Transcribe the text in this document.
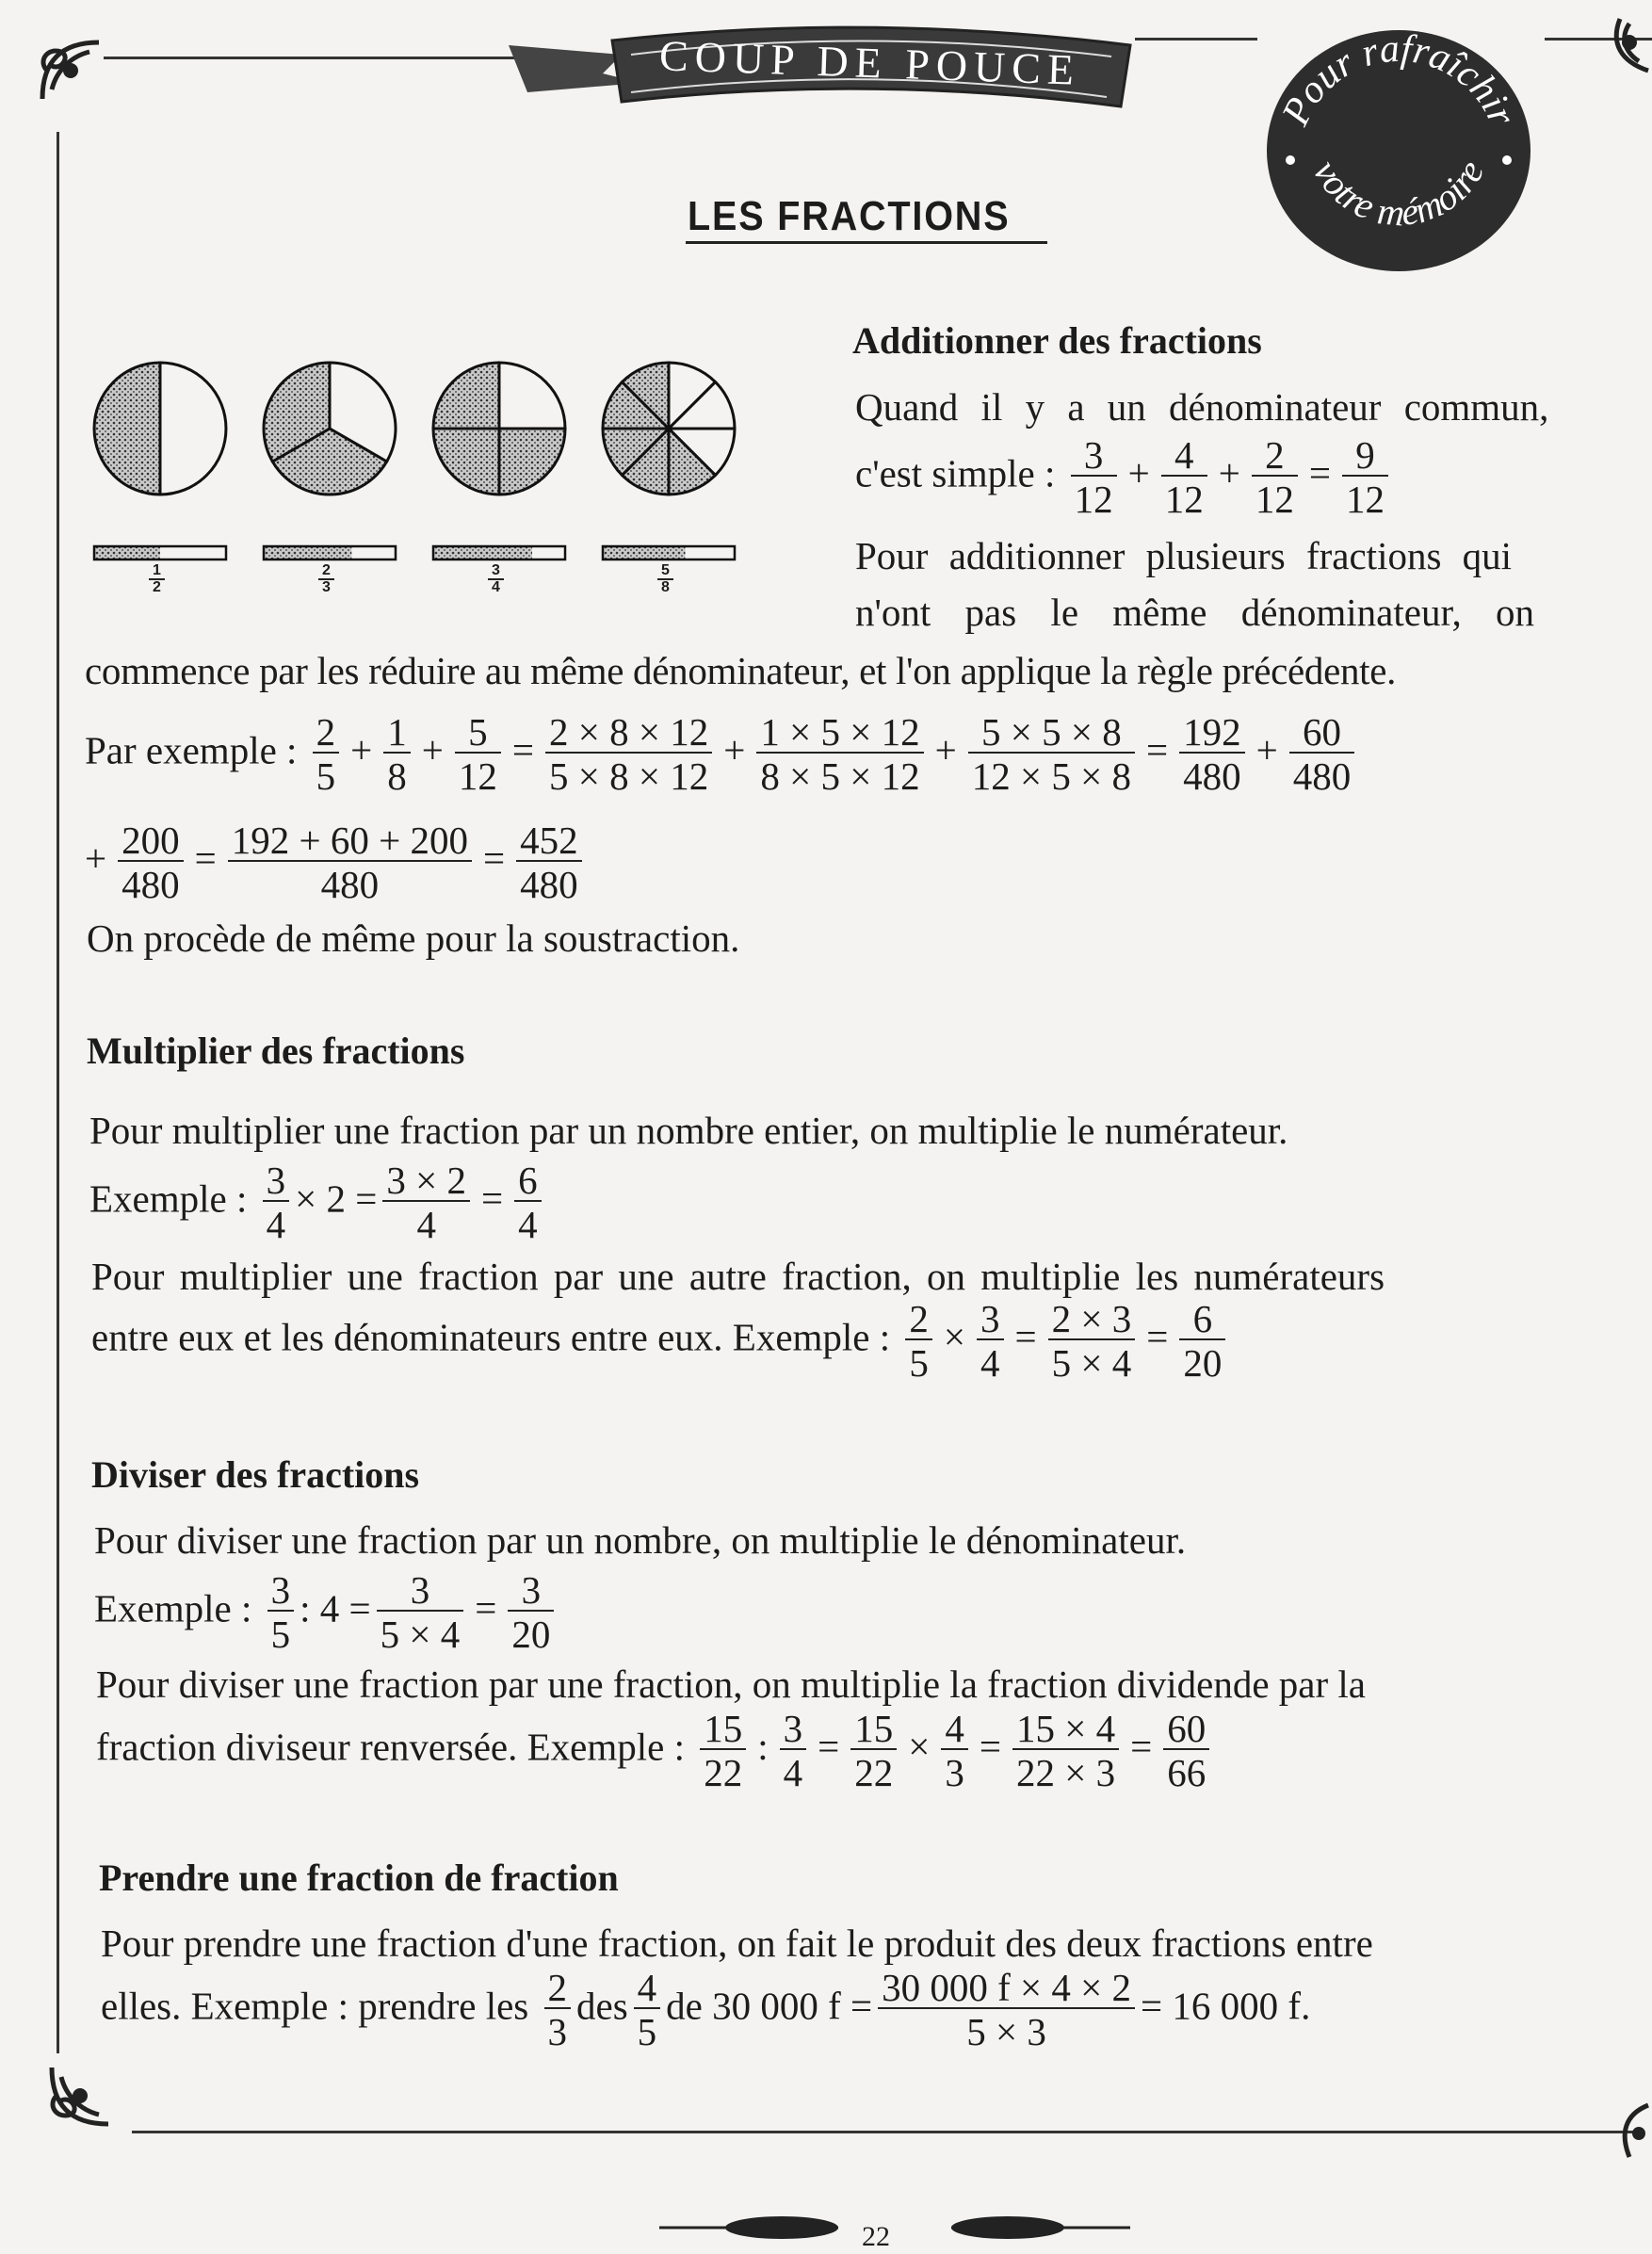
COUP DE POUCE
Pour rafraîchir
votre mémoire
LES FRACTIONS
1
2
2
3
3
4
5
8
Additionner des fractions
Quand il y a un dénominateur commun,
c'est simple : $\frac{3}{12} + \frac{4}{12} + \frac{2}{12} = \frac{9}{12}$
Pour additionner plusieurs fractions qui
n'ont pas le même dénominateur, on
commence par les réduire au même dénominateur, et l'on applique la règle précédente.
Par exemple : $\frac{2}{5} + \frac{1}{8} + \frac{5}{12} = \frac{2 \times 8 \times 12}{5 \times 8 \times 12} + \frac{1 \times 5 \times 12}{8 \times 5 \times 12} + \frac{5 \times 5 \times 8}{12 \times 5 \times 8} = \frac{192}{480} + \frac{60}{480}$
+ $\frac{200}{480} = \frac{192 + 60 + 200}{480} = \frac{452}{480}$
On procède de même pour la soustraction.
Multiplier des fractions
Pour multiplier une fraction par un nombre entier, on multiplie le numérateur.
Exemple : $\frac{3}{4} \times 2 = \frac{3 \times 2}{4} = \frac{6}{4}$
Pour multiplier une fraction par une autre fraction, on multiplie les numérateurs
entre eux et les dénominateurs entre eux. Exemple : $\frac{2}{5} \times \frac{3}{4} = \frac{2 \times 3}{5 \times 4} = \frac{6}{20}$
Diviser des fractions
Pour diviser une fraction par un nombre, on multiplie le dénominateur.
Exemple : $\frac{3}{5}$ : $4 = \frac{3}{5 \times 4} = \frac{3}{20}$
Pour diviser une fraction par une fraction, on multiplie la fraction dividende par la
fraction diviseur renversée. Exemple : $\frac{15}{22}$ : $\frac{3}{4} = \frac{15}{22} \times \frac{4}{3} = \frac{15 \times 4}{22 \times 3} = \frac{60}{66}$
Prendre une fraction de fraction
Pour prendre une fraction d'une fraction, on fait le produit des deux fractions entre
elles. Exemple : prendre les $\frac{2}{3}$ des $\frac{4}{5}$ de 30 000 $f = \frac{30 000 f \times 4 \times 2}{5 \times 3} = 16$ 000 f.
22
